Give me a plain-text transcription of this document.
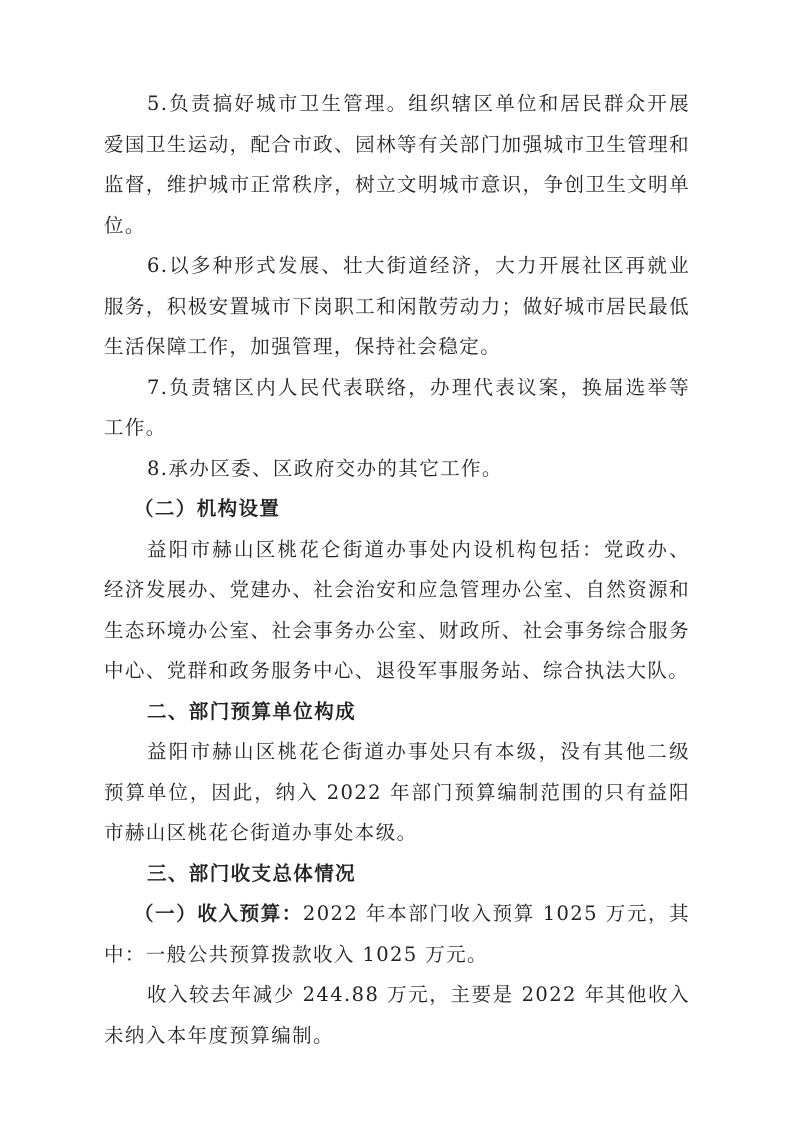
5.负责搞好城市卫生管理。组织辖区单位和居民群众开展爱国卫生运动，配合市政、园林等有关部门加强城市卫生管理和监督，维护城市正常秩序，树立文明城市意识，争创卫生文明单位。

6.以多种形式发展、壮大街道经济，大力开展社区再就业服务，积极安置城市下岗职工和闲散劳动力；做好城市居民最低生活保障工作，加强管理，保持社会稳定。

7.负责辖区内人民代表联络，办理代表议案，换届选举等工作。

8.承办区委、区政府交办的其它工作。

（二）机构设置

益阳市赫山区桃花仑街道办事处内设机构包括：党政办、经济发展办、党建办、社会治安和应急管理办公室、自然资源和生态环境办公室、社会事务办公室、财政所、社会事务综合服务中心、党群和政务服务中心、退役军事服务站、综合执法大队。

二、部门预算单位构成

益阳市赫山区桃花仑街道办事处只有本级，没有其他二级预算单位，因此，纳入 2022 年部门预算编制范围的只有益阳市赫山区桃花仑街道办事处本级。

三、部门收支总体情况

（一）收入预算：2022 年本部门收入预算 1025 万元，其中：一般公共预算拨款收入 1025 万元。

收入较去年减少 244.88 万元，主要是 2022 年其他收入未纳入本年度预算编制。
